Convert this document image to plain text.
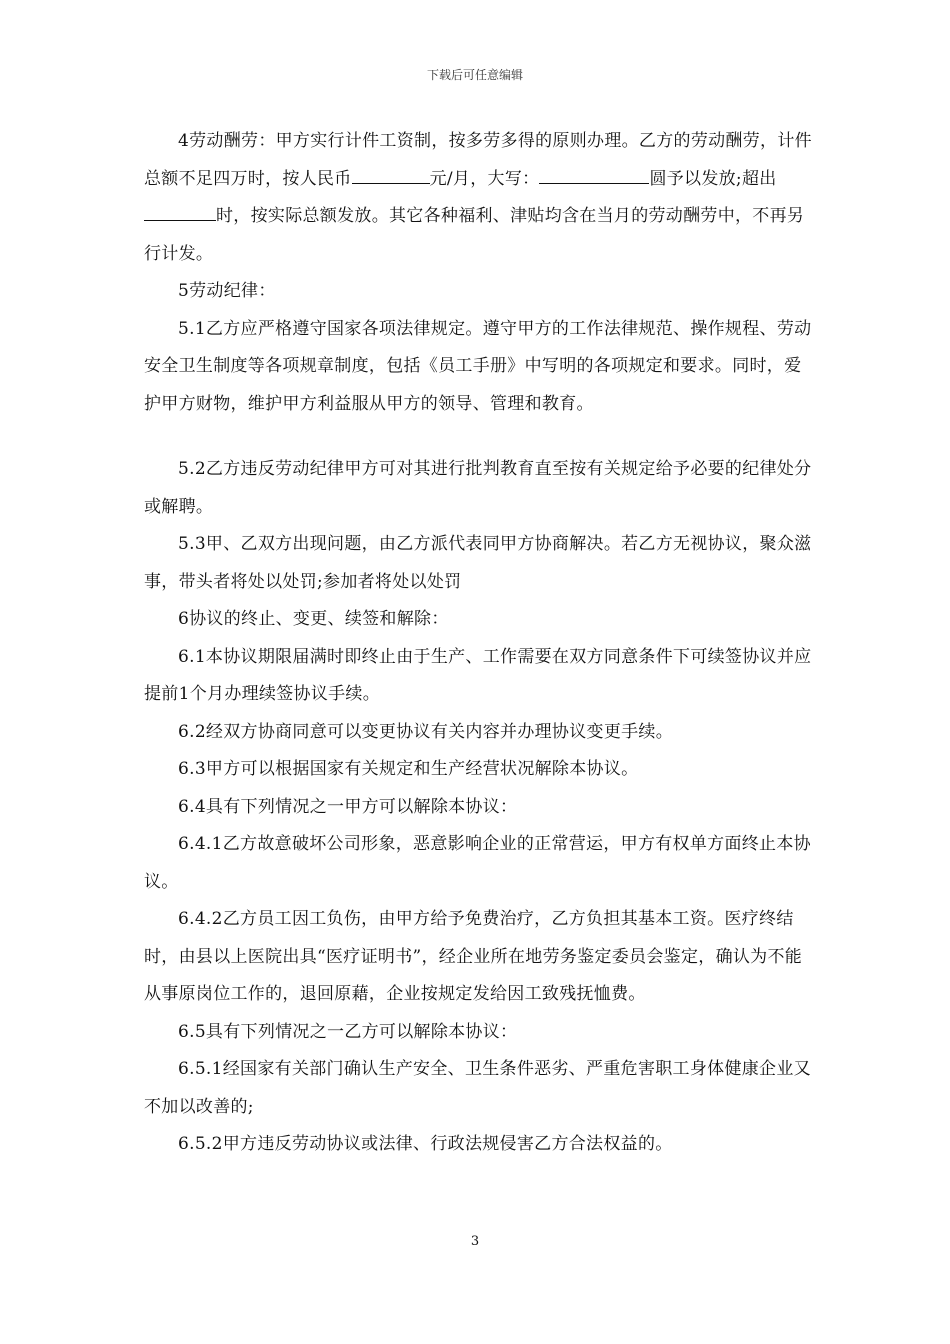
下载后可任意编辑

4劳动酬劳：甲方实行计件工资制，按多劳多得的原则办理。乙方的劳动酬劳，计件总额不足四万时，按人民币	元/月，大写：	圆予以发放;超出时，按实际总额发放。其它各种福利、津贴均含在当月的劳动酬劳中，不再另行计发。

5劳动纪律：

5.1乙方应严格遵守国家各项法律规定。遵守甲方的工作法律规范、操作规程、劳动安全卫生制度等各项规章制度，包括《员工手册》中写明的各项规定和要求。同时，爱护甲方财物，维护甲方利益服从甲方的领导、管理和教育。

5.2乙方违反劳动纪律甲方可对其进行批判教育直至按有关规定给予必要的纪律处分或解聘。

5.3甲、乙双方出现问题，由乙方派代表同甲方协商解决。若乙方无视协议，聚众滋事，带头者将处以处罚;参加者将处以处罚

6协议的终止、变更、续签和解除：

6.1本协议期限届满时即终止由于生产、工作需要在双方同意条件下可续签协议并应提前1个月办理续签协议手续。

6.2经双方协商同意可以变更协议有关内容并办理协议变更手续。

6.3甲方可以根据国家有关规定和生产经营状况解除本协议。

6.4具有下列情况之一甲方可以解除本协议：

6.4.1乙方故意破坏公司形象，恶意影响企业的正常营运，甲方有权单方面终止本协议。

6.4.2乙方员工因工负伤，由甲方给予免费治疗，乙方负担其基本工资。医疗终结时，由县以上医院出具“医疗证明书”，经企业所在地劳务鉴定委员会鉴定，确认为不能从事原岗位工作的，退回原藉，企业按规定发给因工致残抚恤费。

6.5具有下列情况之一乙方可以解除本协议：

6.5.1经国家有关部门确认生产安全、卫生条件恶劣、严重危害职工身体健康企业又不加以改善的;

6.5.2甲方违反劳动协议或法律、行政法规侵害乙方合法权益的。

3
